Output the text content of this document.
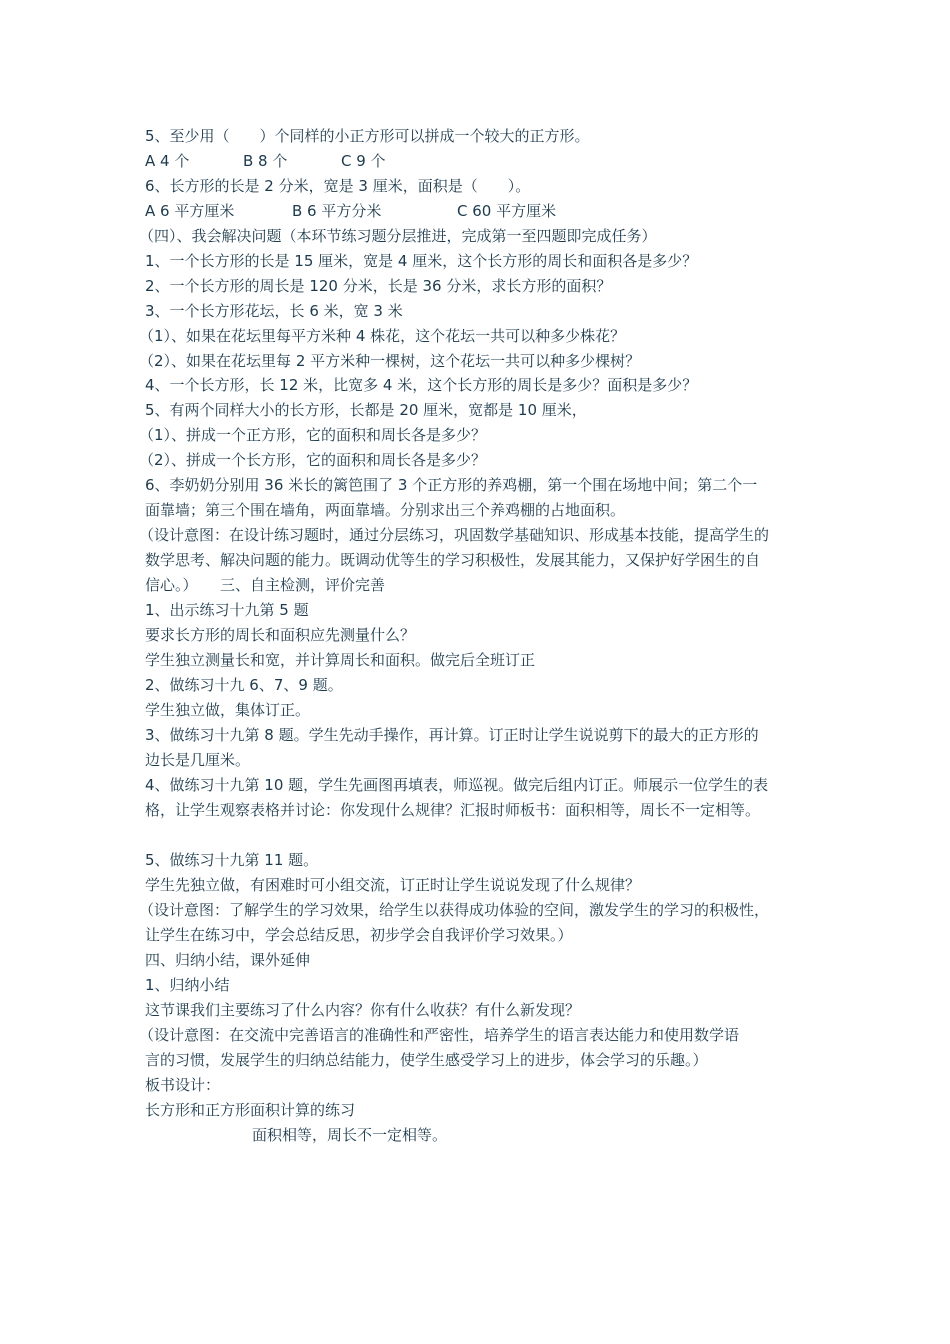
5、至少用（　　）个同样的小正方形可以拼成一个较大的正方形。
A 4 个	B 8 个	C 9 个
6、长方形的长是 2 分米，宽是 3 厘米，面积是（　　）。
A 6 平方厘米	B 6 平方分米	C 60 平方厘米
（四）、我会解决问题（本环节练习题分层推进，完成第一至四题即完成任务）
1、一个长方形的长是 15 厘米，宽是 4 厘米，这个长方形的周长和面积各是多少？
2、一个长方形的周长是 120 分米，长是 36 分米，求长方形的面积？
3、一个长方形花坛，长 6 米，宽 3 米
（1）、如果在花坛里每平方米种 4 株花，这个花坛一共可以种多少株花？
（2）、如果在花坛里每 2 平方米种一棵树，这个花坛一共可以种多少棵树？
4、一个长方形，长 12 米，比宽多 4 米，这个长方形的周长是多少？面积是多少？
5、有两个同样大小的长方形，长都是 20 厘米，宽都是 10 厘米，
（1）、拼成一个正方形，它的面积和周长各是多少？
（2）、拼成一个长方形，它的面积和周长各是多少？
6、李奶奶分别用 36 米长的篱笆围了 3 个正方形的养鸡棚，第一个围在场地中间；第二个一
面靠墙；第三个围在墙角，两面靠墙。分别求出三个养鸡棚的占地面积。
（设计意图：在设计练习题时，通过分层练习，巩固数学基础知识、形成基本技能，提高学生的
数学思考、解决问题的能力。既调动优等生的学习积极性，发展其能力，又保护好学困生的自
信心。）　　三、自主检测，评价完善
1、出示练习十九第 5 题
要求长方形的周长和面积应先测量什么？
学生独立测量长和宽，并计算周长和面积。做完后全班订正
2、做练习十九 6、7、9 题。
学生独立做，集体订正。
3、做练习十九第 8 题。学生先动手操作，再计算。订正时让学生说说剪下的最大的正方形的
边长是几厘米。
4、做练习十九第 10 题，学生先画图再填表，师巡视。做完后组内订正。师展示一位学生的表
格，让学生观察表格并讨论：你发现什么规律？汇报时师板书：面积相等，周长不一定相等。
5、做练习十九第 11 题。
学生先独立做，有困难时可小组交流，订正时让学生说说发现了什么规律？
（设计意图：了解学生的学习效果，给学生以获得成功体验的空间，激发学生的学习的积极性，
让学生在练习中，学会总结反思，初步学会自我评价学习效果。）
四、归纳小结，课外延伸
1、归纳小结
这节课我们主要练习了什么内容？你有什么收获？有什么新发现？
（设计意图：在交流中完善语言的准确性和严密性，培养学生的语言表达能力和使用数学语
言的习惯，发展学生的归纳总结能力，使学生感受学习上的进步，体会学习的乐趣。）
板书设计：
长方形和正方形面积计算的练习
面积相等，周长不一定相等。
